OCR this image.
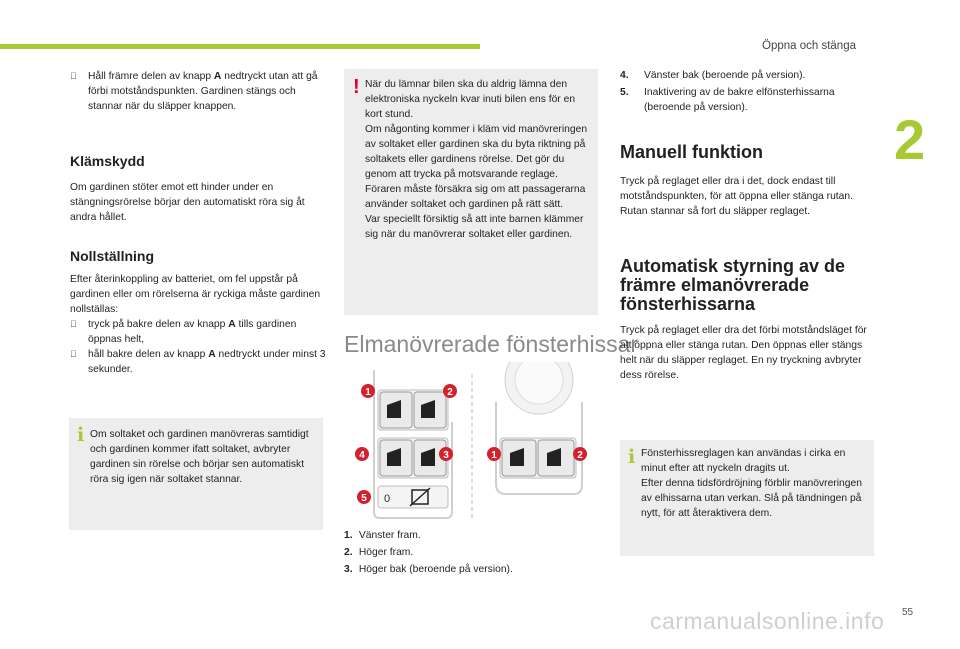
Öppna och stänga
2
Håll främre delen av knapp A nedtryckt utan att gå förbi motståndspunkten. Gardinen stängs och stannar när du släpper knappen.
Klämskydd
Om gardinen stöter emot ett hinder under en stängningsrörelse börjar den automatiskt röra sig åt andra hållet.
Nollställning
Efter återinkoppling av batteriet, om fel uppstår på gardinen eller om rörelserna är ryckiga måste gardinen nollställas:
tryck på bakre delen av knapp A tills gardinen öppnas helt,
håll bakre delen av knapp A nedtryckt under minst 3 sekunder.
i Om soltaket och gardinen manövreras samtidigt och gardinen kommer ifatt soltaket, avbryter gardinen sin rörelse och börjar sen automatiskt röra sig igen när soltaket stannar.
! När du lämnar bilen ska du aldrig lämna den elektroniska nyckeln kvar inuti bilen ens för en kort stund.
Om någonting kommer i kläm vid manövreringen av soltaket eller gardinen ska du byta riktning på soltakets eller gardinens rörelse. Det gör du genom att trycka på motsvarande reglage.
Föraren måste försäkra sig om att passagerarna använder soltaket och gardinen på rätt sätt.
Var speciellt försiktig så att inte barnen klämmer sig när du manövrerar soltaket eller gardinen.
Elmanövrerade fönsterhissar
0
1	2
4	3
5
1	2
1. Vänster fram.
2. Höger fram.
3. Höger bak (beroende på version).
4. Vänster bak (beroende på version).
5. Inaktivering av de bakre elfönsterhissarna (beroende på version).
Manuell funktion
Tryck på reglaget eller dra i det, dock endast till motståndspunkten, för att öppna eller stänga rutan. Rutan stannar så fort du släpper reglaget.
Automatisk styrning av de främre elmanövrerade fönsterhissarna
Tryck på reglaget eller dra det förbi motståndsläget för att öppna eller stänga rutan. Den öppnas eller stängs helt när du släpper reglaget. En ny tryckning avbryter dess rörelse.
i Fönsterhissreglagen kan användas i cirka en minut efter att nyckeln dragits ut.
Efter denna tidsfördröjning förblir manövreringen av elhissarna utan verkan. Slå på tändningen på nytt, för att återaktivera dem.
55
carmanualsonline.info
